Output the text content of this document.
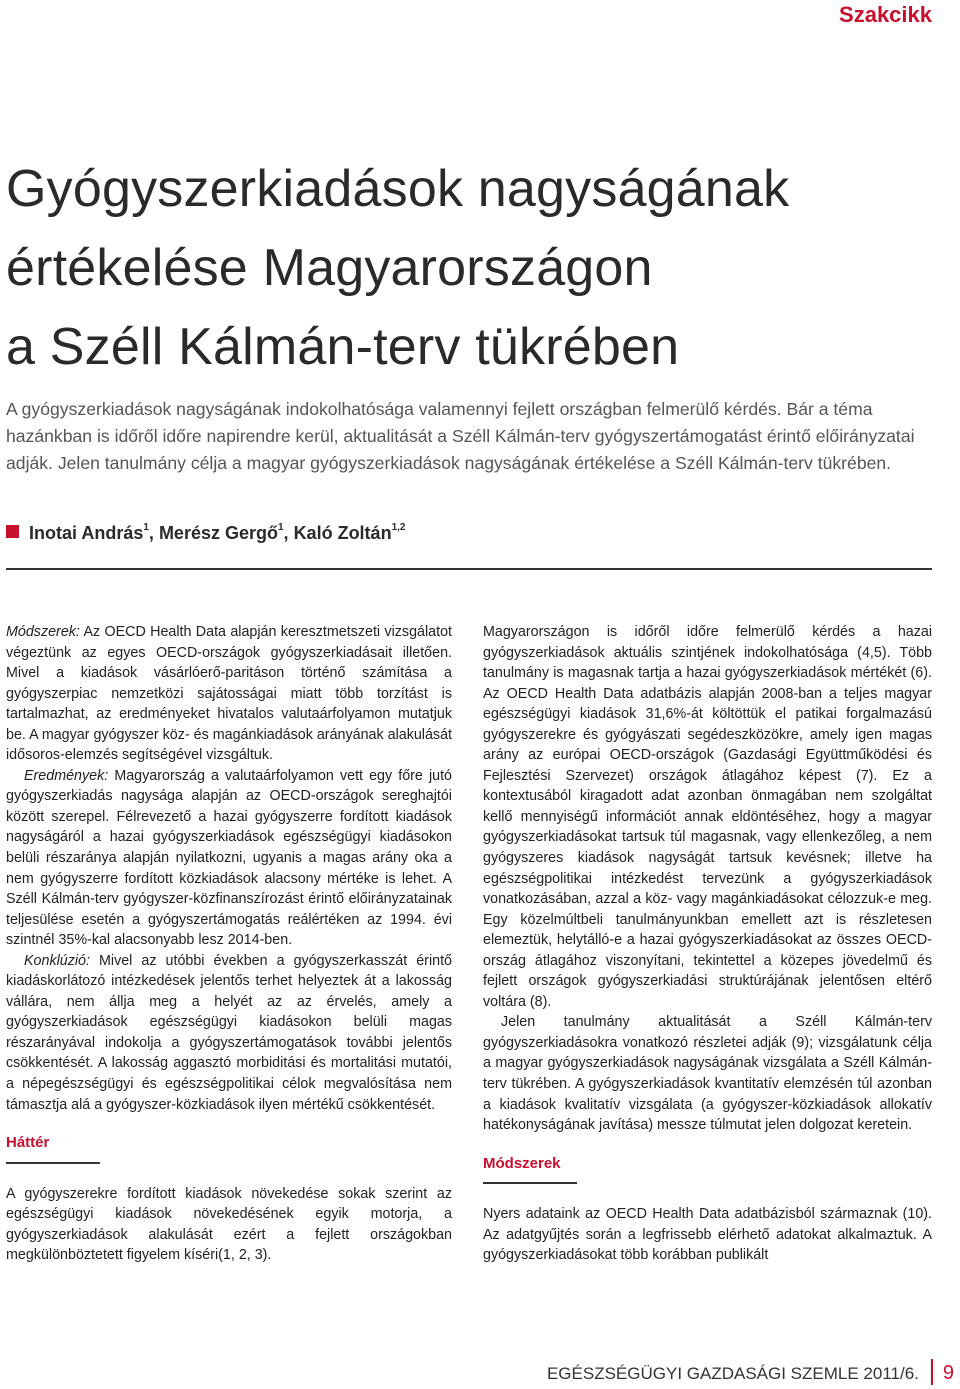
Szakcikk
Gyógyszerkiadások nagyságának
értékelése Magyarországon
a Széll Kálmán-terv tükrében

A gyógyszerkiadások nagyságának indokolhatósága valamennyi fejlett országban felmerülő kérdés. Bár a téma hazánkban is időről időre napirendre kerül, aktualitását a Széll Kálmán-terv gyógyszertámogatást érintő előirányzatai adják. Jelen tanulmány célja a magyar gyógyszerkiadások nagyságának értékelése a Széll Kálmán-terv tükrében.

Inotai András$^1$, Merész Gergő$^1$, Kaló Zoltán$^{1,2}$

Módszerek: Az OECD Health Data alapján keresztmetszeti vizsgálatot végeztünk az egyes OECD-országok gyógyszerkiadásait illetően. Mivel a kiadások vásárlóerő-paritáson történő számítása a gyógyszerpiac nemzetközi sajátosságai miatt több torzítást is tartalmazhat, az eredményeket hivatalos valutaárfolyamon mutatjuk be. A magyar gyógyszer köz- és magánkiadások arányának alakulását idősoros-elemzés segítségével vizsgáltuk.

Eredmények: Magyarország a valutaárfolyamon vett egy főre jutó gyógyszerkiadás nagysága alapján az OECD-országok sereghajtói között szerepel. Félrevezető a hazai gyógyszerre fordított kiadások nagyságáról a hazai gyógyszerkiadások egészségügyi kiadásokon belüli részaránya alapján nyilatkozni, ugyanis a magas arány oka a nem gyógyszerre fordított közkiadások alacsony mértéke is lehet. A Széll Kálmán-terv gyógyszer-közfinanszírozást érintő előirányzatainak teljesülése esetén a gyógyszertámogatás reálértéken az 1994. évi szintnél 35%-kal alacsonyabb lesz 2014-ben.

Konklúzió: Mivel az utóbbi években a gyógyszerkasszát érintő kiadáskorlátozó intézkedések jelentős terhet helyeztek át a lakosság vállára, nem állja meg a helyét az az érvelés, amely a gyógyszerkiadások egészségügyi kiadásokon belüli magas részarányával indokolja a gyógyszertámogatások további jelentős csökkentését. A lakosság aggasztó morbiditási és mortalitási mutatói, a népegészségügyi és egészségpolitikai célok megvalósítása nem támasztja alá a gyógyszer-közkiadások ilyen mértékű csökkentését.

Háttér

A gyógyszerekre fordított kiadások növekedése sokak szerint az egészségügyi kiadások növekedésének egyik motorja, a gyógyszerkiadások alakulását ezért a fejlett országokban megkülönböztetett figyelem kíséri(1, 2, 3).

Magyarországon is időről időre felmerülő kérdés a hazai gyógyszerkiadások aktuális szintjének indokolhatósága (4,5). Több tanulmány is magasnak tartja a hazai gyógyszerkiadások mértékét (6). Az OECD Health Data adatbázis alapján 2008-ban a teljes magyar egészségügyi kiadások 31,6%-át költöttük el patikai forgalmazású gyógyszerekre és gyógyászati segédeszközökre, amely igen magas arány az európai OECD-országok (Gazdasági Együttműködési és Fejlesztési Szervezet) országok átlagához képest (7). Ez a kontextusából kiragadott adat azonban önmagában nem szolgáltat kellő mennyiségű információt annak eldöntéséhez, hogy a magyar gyógyszerkiadásokat tartsuk túl magasnak, vagy ellenkezőleg, a nem gyógyszeres kiadások nagyságát tartsuk kevésnek; illetve ha egészségpolitikai intézkedést tervezünk a gyógyszerkiadások vonatkozásában, azzal a köz- vagy magánkiadásokat célozzuk-e meg. Egy közelmúltbeli tanulmányunkban emellett azt is részletesen elemeztük, helytálló-e a hazai gyógyszerkiadásokat az összes OECD-ország átlagához viszonyítani, tekintettel a közepes jövedelmű és fejlett országok gyógyszerkiadási struktúrájának jelentősen eltérő voltára (8).

Jelen tanulmány aktualitását a Széll Kálmán-terv gyógyszerkiadásokra vonatkozó részletei adják (9); vizsgálatunk célja a magyar gyógyszerkiadások nagyságának vizsgálata a Széll Kálmán-terv tükrében. A gyógyszerkiadások kvantitatív elemzésén túl azonban a kiadások kvalitatív vizsgálata (a gyógyszer-közkiadások allokatív hatékonyságának javítása) messze túlmutat jelen dolgozat keretein.

Módszerek

Nyers adataink az OECD Health Data adatbázisból származnak (10). Az adatgyűjtés során a legfrissebb elérhető adatokat alkalmaztuk. A gyógyszerkiadásokat több korábban publikált

EGÉSZSÉGÜGYI GAZDASÁGI SZEMLE 2011/6. 9
